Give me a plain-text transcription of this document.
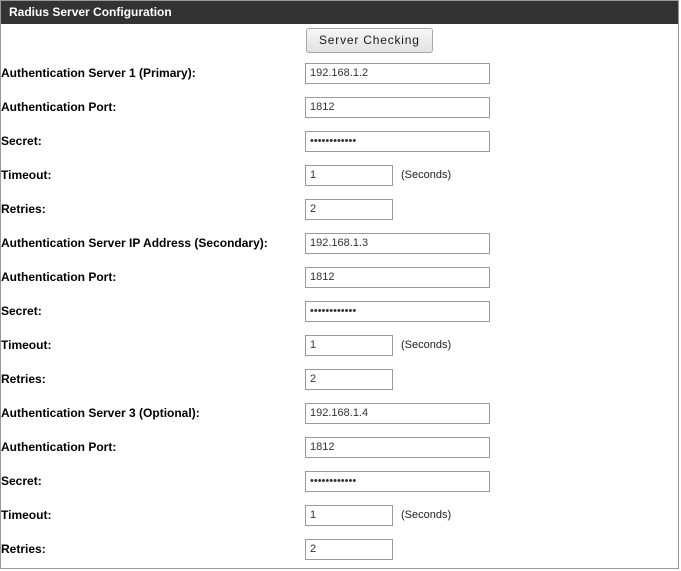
Radius Server Configuration
	Server Checking
Authentication Server 1 (Primary):	
192.168.1.2

Authentication Port:	
1812

Secret:	
••••••••••••

Timeout:	
1(Seconds)

Retries:	
2

Authentication Server IP Address (Secondary):	
192.168.1.3

Authentication Port:	
1812

Secret:	
••••••••••••

Timeout:	
1(Seconds)

Retries:	
2

Authentication Server 3 (Optional):	
192.168.1.4

Authentication Port:	
1812

Secret:	
••••••••••••

Timeout:	
1(Seconds)

Retries:	
2
